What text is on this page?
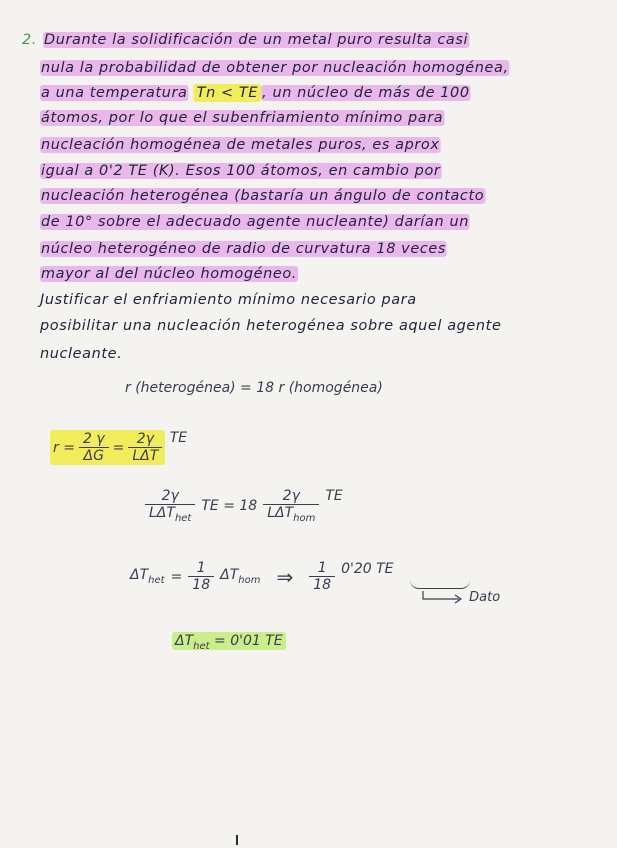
2. Durante la solidificación de un metal puro resulta casi
nula la probabilidad de obtener por nucleación homogénea,
a una temperatura Tn < TE , un núcleo de más de 100
átomos, por lo que el subenfriamiento mínimo para
nucleación homogénea de metales puros, es aprox
igual a 0'2 TE (K). Esos 100 átomos, en cambio por
nucleación heterogénea (bastaría un ángulo de contacto
de 10° sobre el adecuado agente nucleante) darían un
núcleo heterogéneo de radio de curvatura 18 veces
mayor al del núcleo homogéneo.
Justificar el enfriamiento mínimo necesario para
posibilitar una nucleación heterogénea sobre aquel agente
nucleante.
r (heterogénea) = 18 r (homogénea)
$r = \frac{2 \gamma}{\Delta G} = \frac{2\gamma}{\text{LΔT}}$ TE
$\frac{2\gamma}{L\Delta T_{het}}$ TE = $18 \frac{2\gamma}{L\Delta T_{hom}}$ TE
$\Delta T_{het} = \frac{1}{18} \Delta T_{hom}$ ⇒ $\frac{1}{18} 0'20$ TE
Dato
$\Delta T_{het} = 0'01$ TE
